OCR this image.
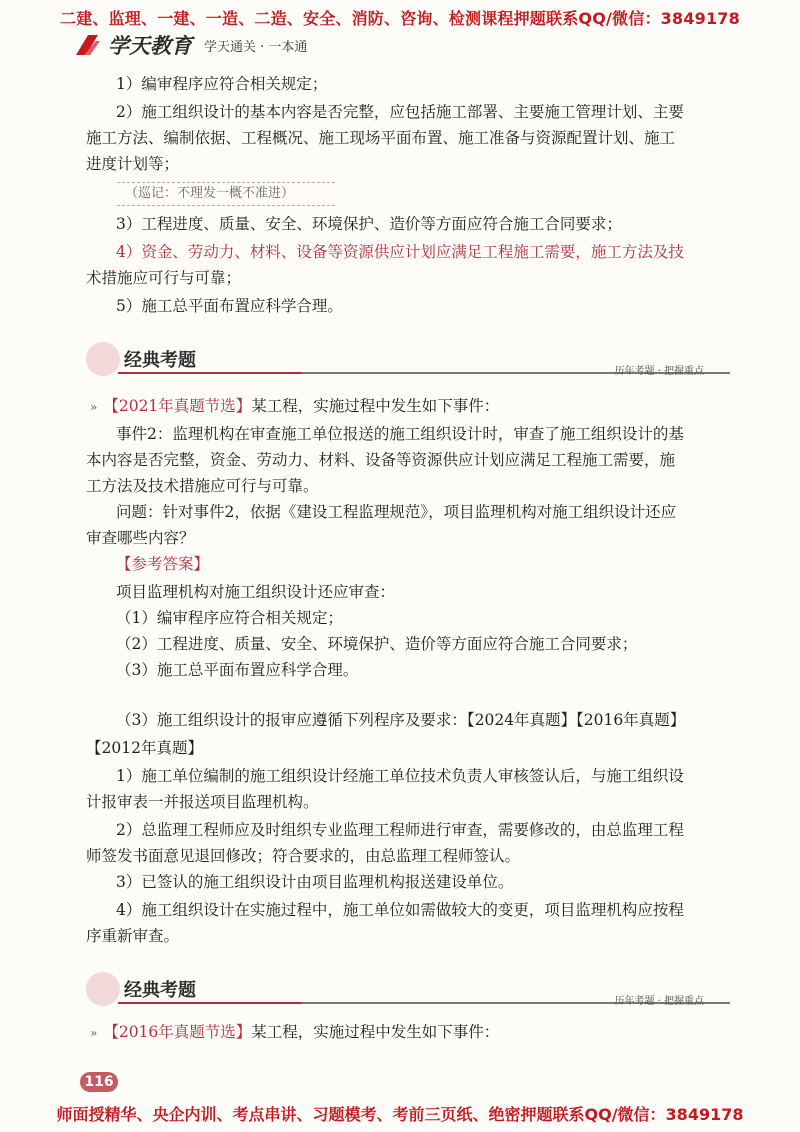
二建、监理、一建、一造、二造、安全、消防、咨询、检测课程押题联系QQ/微信：3849178
学天教育 学天通关 · 一本通
1）编审程序应符合相关规定；
2）施工组织设计的基本内容是否完整，应包括施工部署、主要施工管理计划、主要
施工方法、编制依据、工程概况、施工现场平面布置、施工准备与资源配置计划、施工
进度计划等；
（巡记：不理发一概不准进）
3）工程进度、质量、安全、环境保护、造价等方面应符合施工合同要求；
4）资金、劳动力、材料、设备等资源供应计划应满足工程施工需要，施工方法及技
术措施应可行与可靠；
5）施工总平面布置应科学合理。
经典考题
历年考题 · 把握重点
» 【2021年真题节选】某工程，实施过程中发生如下事件：
事件2：监理机构在审查施工单位报送的施工组织设计时，审查了施工组织设计的基
本内容是否完整，资金、劳动力、材料、设备等资源供应计划应满足工程施工需要，施
工方法及技术措施应可行与可靠。
问题：针对事件2，依据《建设工程监理规范》，项目监理机构对施工组织设计还应
审查哪些内容？
【参考答案】
项目监理机构对施工组织设计还应审查：
（1）编审程序应符合相关规定；
（2）工程进度、质量、安全、环境保护、造价等方面应符合施工合同要求；
（3）施工总平面布置应科学合理。
（3）施工组织设计的报审应遵循下列程序及要求：【2024年真题】【2016年真题】
【2012年真题】
1）施工单位编制的施工组织设计经施工单位技术负责人审核签认后，与施工组织设
计报审表一并报送项目监理机构。
2）总监理工程师应及时组织专业监理工程师进行审查，需要修改的，由总监理工程
师签发书面意见退回修改；符合要求的，由总监理工程师签认。
3）已签认的施工组织设计由项目监理机构报送建设单位。
4）施工组织设计在实施过程中，施工单位如需做较大的变更，项目监理机构应按程
序重新审查。
经典考题
历年考题 · 把握重点
» 【2016年真题节选】某工程，实施过程中发生如下事件：
116
师面授精华、央企内训、考点串讲、习题模考、考前三页纸、绝密押题联系QQ/微信：3849178
